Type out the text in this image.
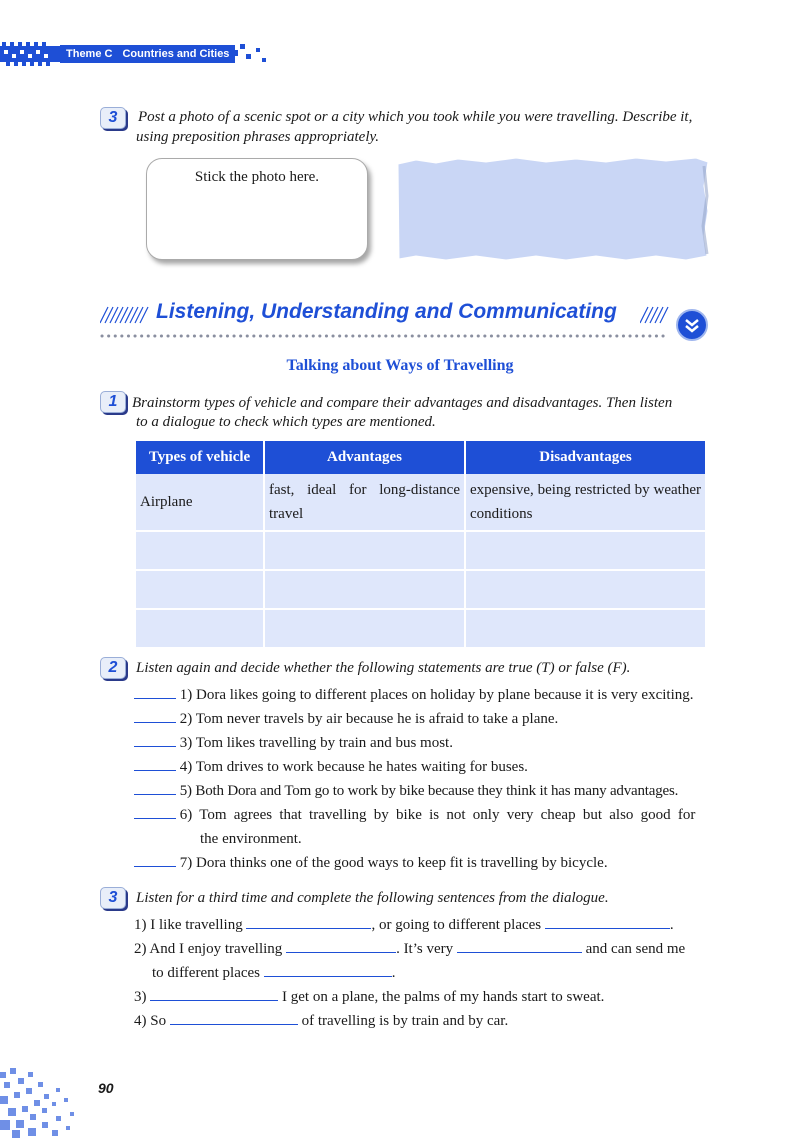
Theme C Countries and Cities
3	Post a photo of a scenic spot or a city which you took while you were travelling. Describe it,
using preposition phrases appropriately.
Stick the photo here.
Listening, Understanding and Communicating
Talking about Ways of Travelling
1 Brainstorm types of vehicle and compare their advantages and disadvantages. Then listen
to a dialogue to check which types are mentioned.
Types of vehicle	Advantages	Disadvantages
Airplane	fast, ideal for long-distance travel	expensive, being restricted by weather conditions

2	Listen again and decide whether the following statements are true (T) or false (F).
1) Dora likes going to different places on holiday by plane because it is very exciting.
2) Tom never travels by air because he is afraid to take a plane.
3) Tom likes travelling by train and bus most.
4) Tom drives to work because he hates waiting for buses.
5) Both Dora and Tom go to work by bike because they think it has many advantages.
6) Tom agrees that travelling by bike is not only very cheap but also good for
the environment.
7) Dora thinks one of the good ways to keep fit is travelling by bicycle.
3	Listen for a third time and complete the following sentences from the dialogue.
1) I like travelling	, or going to different places	.
2) And I enjoy travelling	. It’s very	and can send me
to different places	.
3)	I get on a plane, the palms of my hands start to sweat.
4) So	of travelling is by train and by car.
90
